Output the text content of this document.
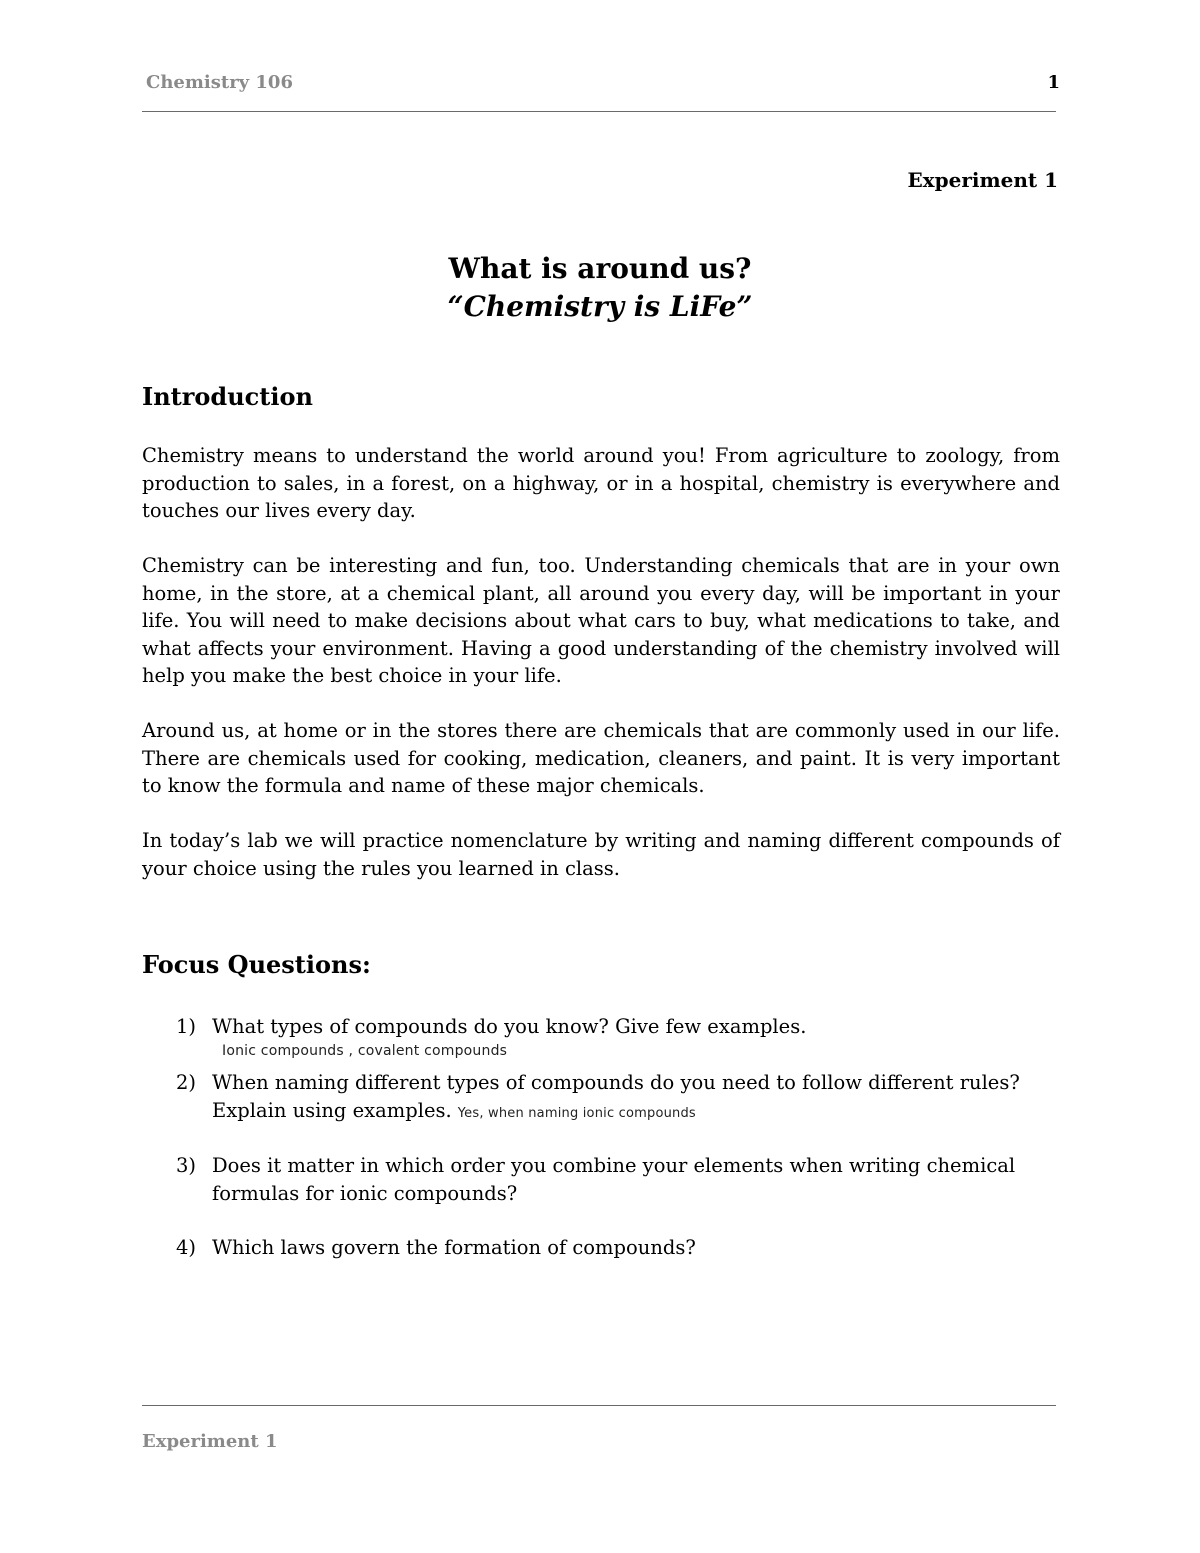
Chemistry 106	1
Experiment 1
What is around us?
“Chemistry is LiFe”
Introduction

Chemistry means to understand the world around you! From agriculture to zoology, from production to sales, in a forest, on a highway, or in a hospital, chemistry is everywhere and touches our lives every day.

Chemistry can be interesting and fun, too. Understanding chemicals that are in your own home, in the store, at a chemical plant, all around you every day, will be important in your life. You will need to make decisions about what cars to buy, what medications to take, and what affects your environment. Having a good understanding of the chemistry involved will help you make the best choice in your life.

Around us, at home or in the stores there are chemicals that are commonly used in our life. There are chemicals used for cooking, medication, cleaners, and paint. It is very important to know the formula and name of these major chemicals.

In today’s lab we will practice nomenclature by writing and naming different compounds of your choice using the rules you learned in class.

Focus Questions:
1) What types of compounds do you know? Give few examples.
Ionic compounds , covalent compounds
2) When naming different types of compounds do you need to follow different rules? Explain using examples. Yes, when naming ionic compounds
3) Does it matter in which order you combine your elements when writing chemical formulas for ionic compounds?
4) Which laws govern the formation of compounds?
Experiment 1
